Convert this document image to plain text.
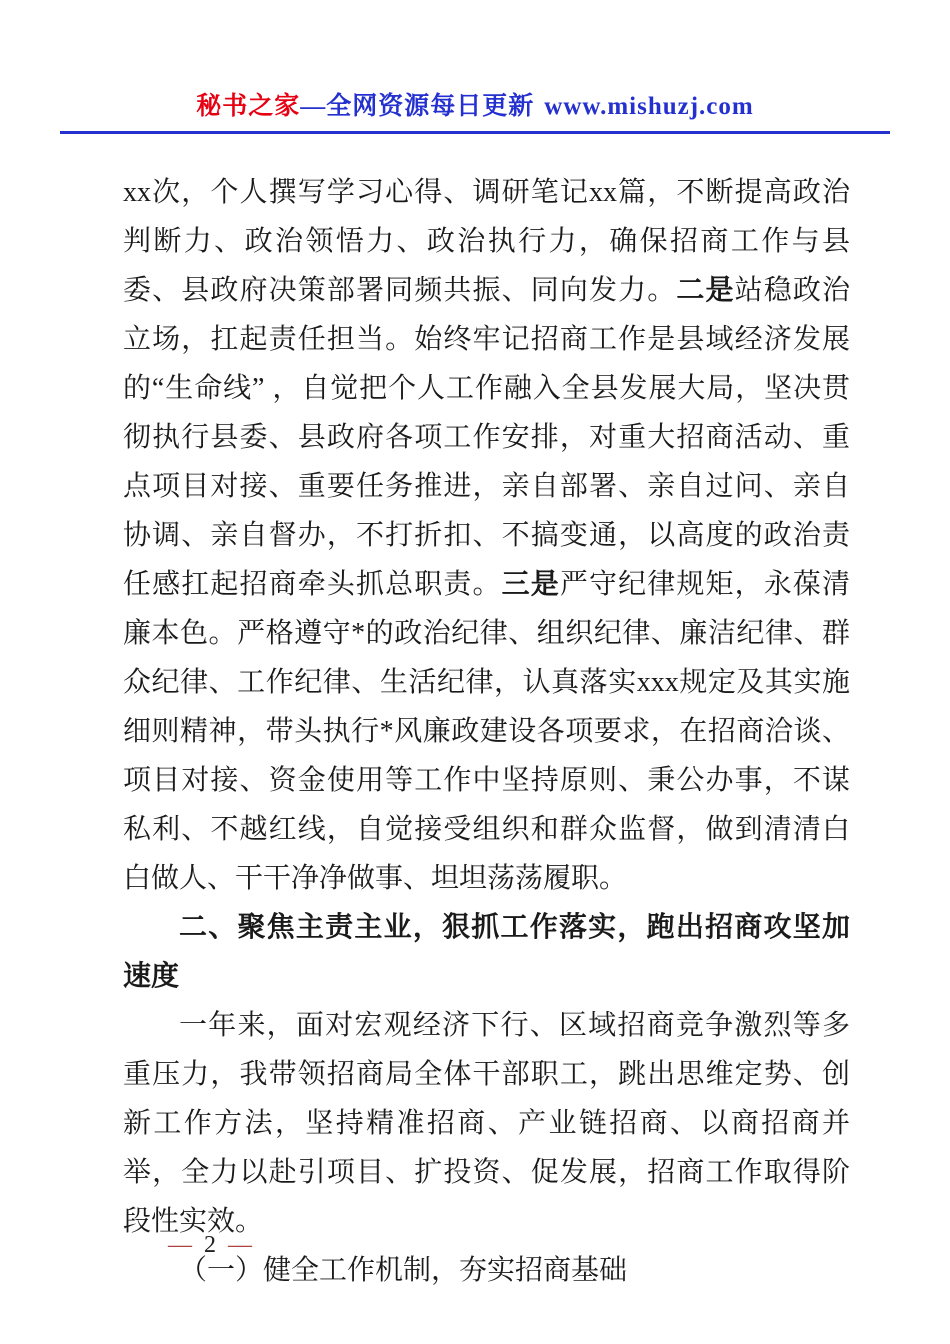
秘书之家—全网资源每日更新 www.mishuzj.com

xx次，个人撰写学习心得、调研笔记xx篇，不断提高政治判断力、政治领悟力、政治执行力，确保招商工作与县委、县政府决策部署同频共振、同向发力。二是站稳政治立场，扛起责任担当。始终牢记招商工作是县域经济发展的“生命线” ，自觉把个人工作融入全县发展大局，坚决贯彻执行县委、县政府各项工作安排，对重大招商活动、重点项目对接、重要任务推进，亲自部署、亲自过问、亲自协调、亲自督办，不打折扣、不搞变通，以高度的政治责任感扛起招商牵头抓总职责。三是严守纪律规矩，永葆清廉本色。严格遵守*的政治纪律、组织纪律、廉洁纪律、群众纪律、工作纪律、生活纪律，认真落实xxx规定及其实施细则精神，带头执行*风廉政建设各项要求，在招商洽谈、项目对接、资金使用等工作中坚持原则、秉公办事，不谋私利、不越红线，自觉接受组织和群众监督，做到清清白白做人、干干净净做事、坦坦荡荡履职。

二、聚焦主责主业，狠抓工作落实，跑出招商攻坚加速度

一年来，面对宏观经济下行、区域招商竞争激烈等多重压力，我带领招商局全体干部职工，跳出思维定势、创新工作方法，坚持精准招商、产业链招商、以商招商并举，全力以赴引项目、扩投资、促发展，招商工作取得阶段性实效。

（一）健全工作机制，夯实招商基础

— 2 —
